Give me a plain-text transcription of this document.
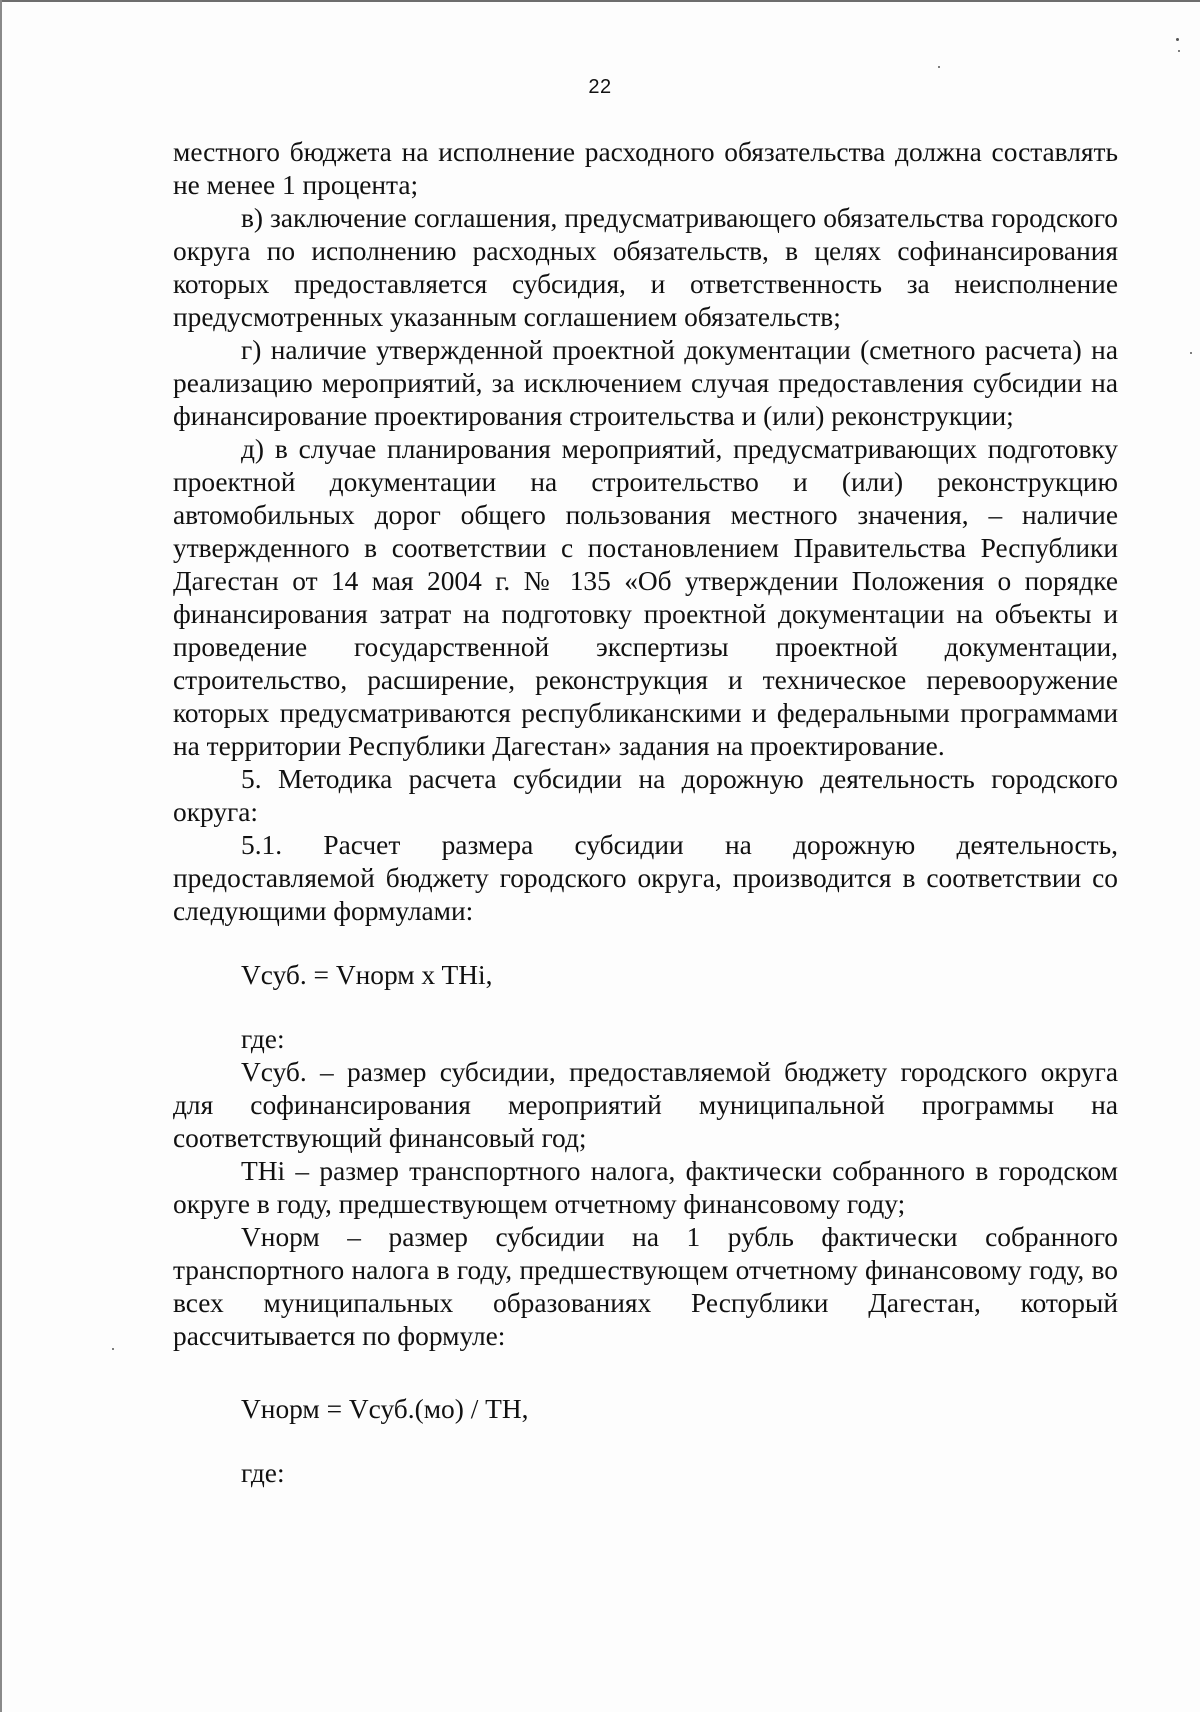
22

местного бюджета на исполнение расходного обязательства должна составлять не менее 1 процента;

в) заключение соглашения, предусматривающего обязательства городского округа по исполнению расходных обязательств, в целях софинансирования которых предоставляется субсидия, и ответственность за неисполнение предусмотренных указанным соглашением обязательств;

г) наличие утвержденной проектной документации (сметного расчета) на реализацию мероприятий, за исключением случая предоставления субсидии на финансирование проектирования строительства и (или) реконструкции;

д) в случае планирования мероприятий, предусматривающих подготовку проектной документации на строительство и (или) реконструкцию автомобильных дорог общего пользования местного значения, – наличие утвержденного в соответствии с постановлением Правительства Республики Дагестан от 14 мая 2004 г. № 135 «Об утверждении Положения о порядке финансирования затрат на подготовку проектной документации на объекты и проведение государственной экспертизы проектной документации, строительство, расширение, реконструкция и техническое перевооружение которых предусматриваются республиканскими и федеральными программами на территории Республики Дагестан» задания на проектирование.

5. Методика расчета субсидии на дорожную деятельность городского округа:

5.1. Расчет размера субсидии на дорожную деятельность, предоставляемой бюджету городского округа, производится в соответствии со следующими формулами:

Vсуб. = Vнорм x THi,

где:

Vсуб. – размер субсидии, предоставляемой бюджету городского округа для софинансирования мероприятий муниципальной программы на соответствующий финансовый год;

THi – размер транспортного налога, фактически собранного в городском округе в году, предшествующем отчетному финансовому году;

Vнорм – размер субсидии на 1 рубль фактически собранного транспортного налога в году, предшествующем отчетному финансовому году, во всех муниципальных образованиях Республики Дагестан, который рассчитывается по формуле:

Vнорм = Vсуб.(мо) / TH,

где:
